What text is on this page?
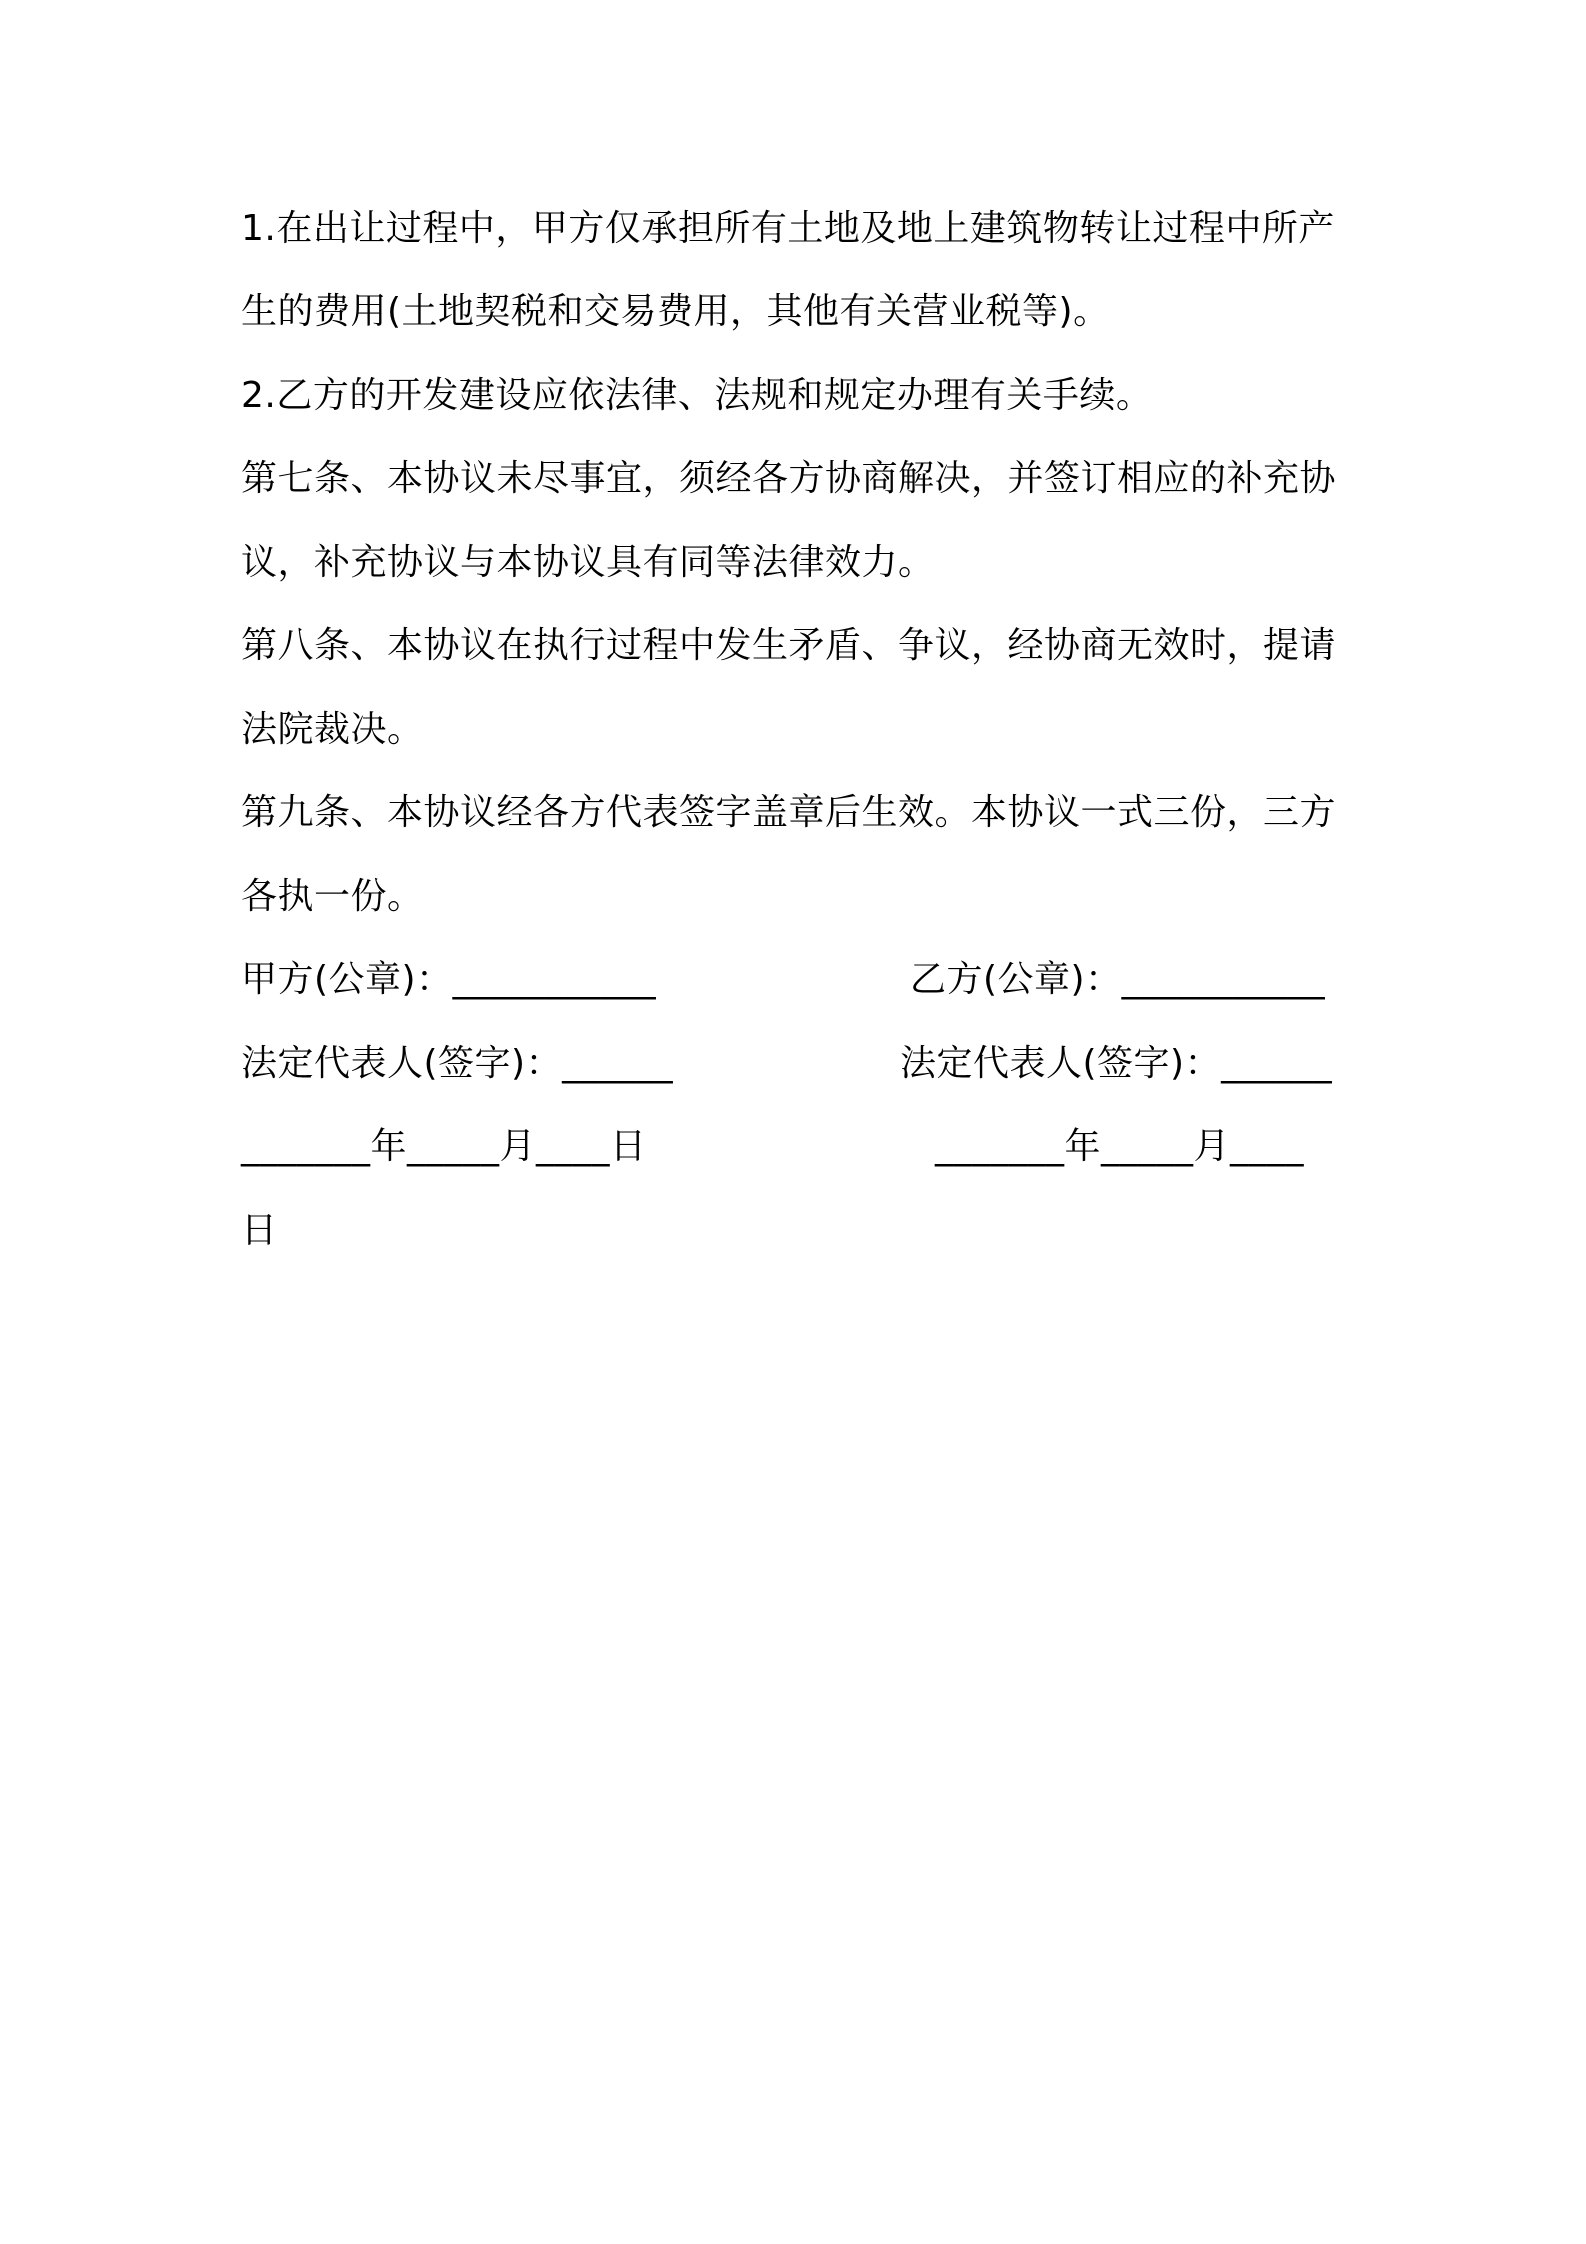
1.在出让过程中，甲方仅承担所有土地及地上建筑物转让过程中所产
生的费用(土地契税和交易费用，其他有关营业税等)。
2.乙方的开发建设应依法律、法规和规定办理有关手续。
第七条、本协议未尽事宜，须经各方协商解决，并签订相应的补充协
议，补充协议与本协议具有同等法律效力。
第八条、本协议在执行过程中发生矛盾、争议，经协商无效时，提请
法院裁决。
第九条、本协议经各方代表签字盖章后生效。本协议一式三份，三方
各执一份。
甲方(公章)：___________	乙方(公章)：___________
法定代表人(签字)：______	法定代表人(签字)：______
_______年_____月____日	_______年_____月____
日
